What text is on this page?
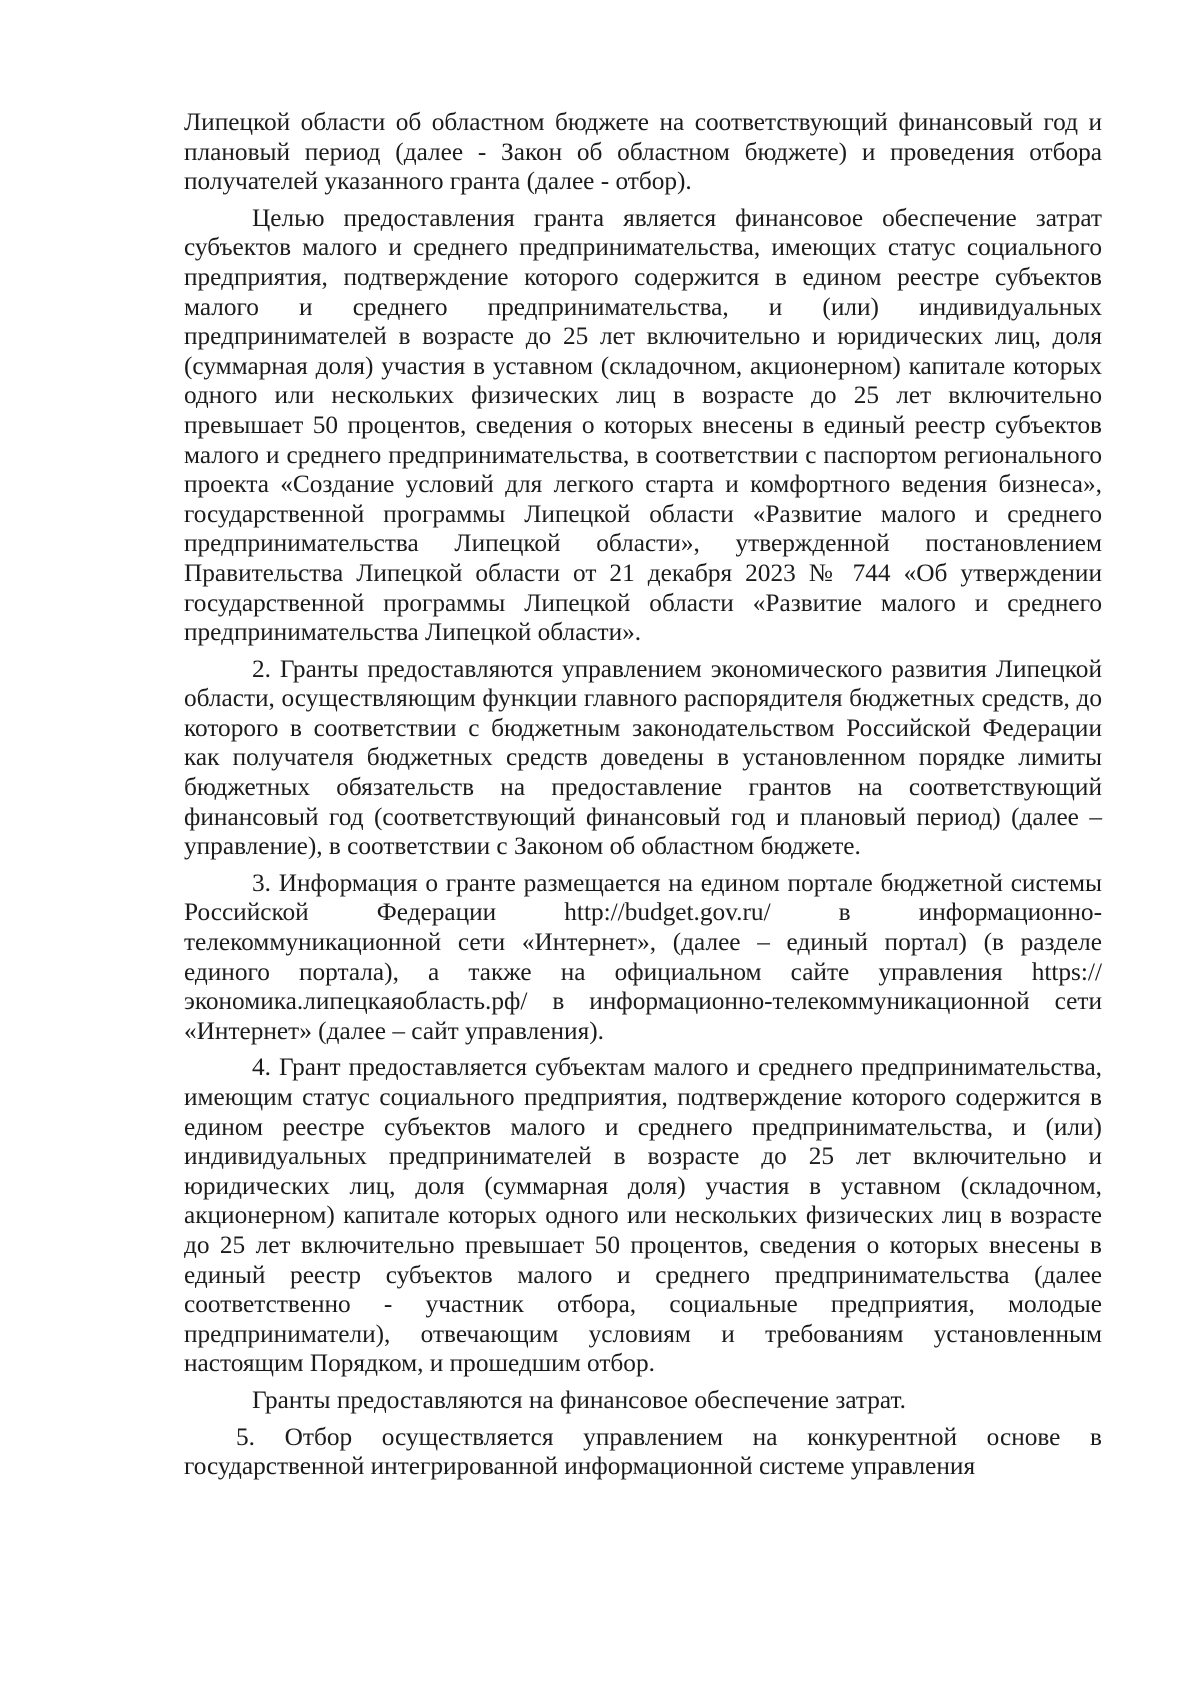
Липецкой области об областном бюджете на соответствующий финансовый год и плановый период (далее - Закон об областном бюджете) и проведения отбора получателей указанного гранта (далее - отбор).

Целью предоставления гранта является финансовое обеспечение затрат субъектов малого и среднего предпринимательства, имеющих статус социального предприятия, подтверждение которого содержится в едином реестре субъектов малого и среднего предпринимательства, и (или) индивидуальных предпринимателей в возрасте до 25 лет включительно и юридических лиц, доля (суммарная доля) участия в уставном (складочном, акционерном) капитале которых одного или нескольких физических лиц в возрасте до 25 лет включительно превышает 50 процентов, сведения о которых внесены в единый реестр субъектов малого и среднего предпринимательства, в соответствии с паспортом регионального проекта «Создание условий для легкого старта и комфортного ведения бизнеса», государственной программы Липецкой области «Развитие малого и среднего предпринимательства Липецкой области», утвержденной постановлением Правительства Липецкой области от 21 декабря 2023 № 744 «Об утверждении государственной программы Липецкой области «Развитие малого и среднего предпринимательства Липецкой области».

2. Гранты предоставляются управлением экономического развития Липецкой области, осуществляющим функции главного распорядителя бюджетных средств, до которого в соответствии с бюджетным законодательством Российской Федерации как получателя бюджетных средств доведены в установленном порядке лимиты бюджетных обязательств на предоставление грантов на соответствующий финансовый год (соответствующий финансовый год и плановый период) (далее – управление), в соответствии с Законом об областном бюджете.

3. Информация о гранте размещается на едином портале бюджетной системы Российской Федерации http://budget.gov.ru/ в информационно-телекоммуникационной сети «Интернет», (далее – единый портал) (в разделе единого портала), а также на официальном сайте управления https://экономика.липецкаяобласть.рф/ в информационно-телекоммуникационной сети «Интернет» (далее – сайт управления).

4. Грант предоставляется субъектам малого и среднего предпринимательства, имеющим статус социального предприятия, подтверждение которого содержится в едином реестре субъектов малого и среднего предпринимательства, и (или) индивидуальных предпринимателей в возрасте до 25 лет включительно и юридических лиц, доля (суммарная доля) участия в уставном (складочном, акционерном) капитале которых одного или нескольких физических лиц в возрасте до 25 лет включительно превышает 50 процентов, сведения о которых внесены в единый реестр субъектов малого и среднего предпринимательства (далее соответственно - участник отбора, социальные предприятия, молодые предприниматели), отвечающим условиям и требованиям установленным настоящим Порядком, и прошедшим отбор.

Гранты предоставляются на финансовое обеспечение затрат.

5. Отбор осуществляется управлением на конкурентной основе в государственной интегрированной информационной системе управления
